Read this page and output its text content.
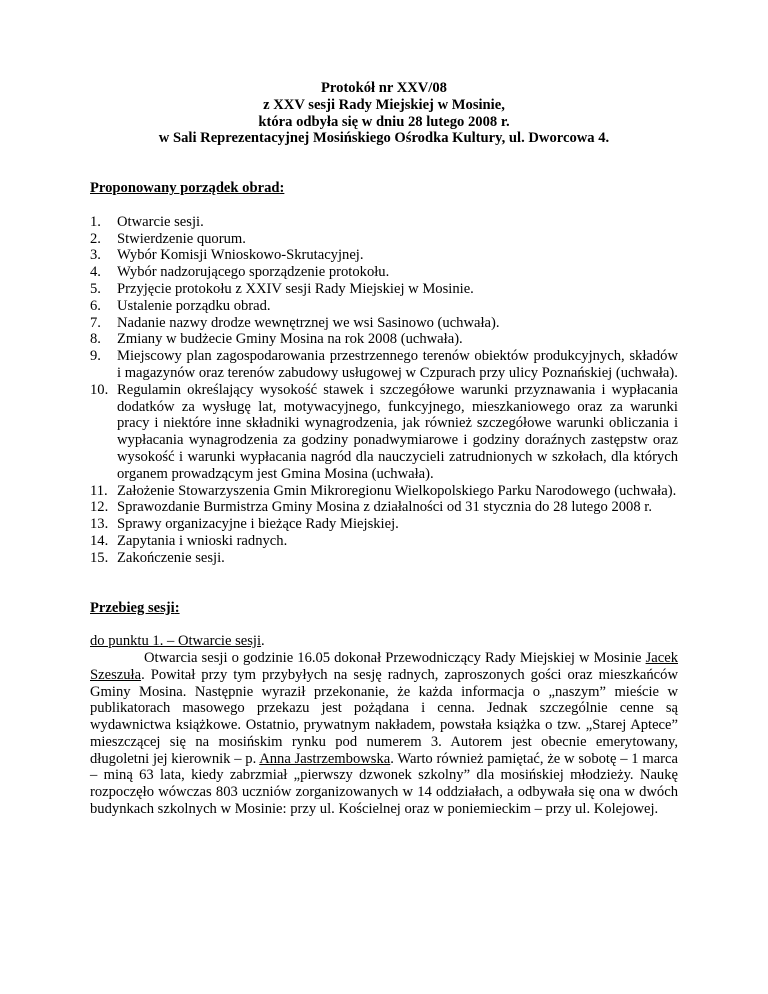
Protokół nr XXV/08
z XXV sesji Rady Miejskiej w Mosinie,
która odbyła się w dniu 28 lutego 2008 r.
w Sali Reprezentacyjnej Mosińskiego Ośrodka Kultury, ul. Dworcowa 4.
Proponowany porządek obrad:
1. Otwarcie sesji.
2. Stwierdzenie quorum.
3. Wybór Komisji Wnioskowo-Skrutacyjnej.
4. Wybór nadzorującego sporządzenie protokołu.
5. Przyjęcie protokołu z XXIV sesji Rady Miejskiej w Mosinie.
6. Ustalenie porządku obrad.
7. Nadanie nazwy drodze wewnętrznej we wsi Sasinowo (uchwała).
8. Zmiany w budżecie Gminy Mosina na rok 2008 (uchwała).
9. Miejscowy plan zagospodarowania przestrzennego terenów obiektów produkcyjnych, składów i magazynów oraz terenów zabudowy usługowej w Czpurach przy ulicy Poznańskiej (uchwała).
10. Regulamin określający wysokość stawek i szczegółowe warunki przyznawania i wypłacania dodatków za wysługę lat, motywacyjnego, funkcyjnego, mieszkaniowego oraz za warunki pracy i niektóre inne składniki wynagrodzenia, jak również szczegółowe warunki obliczania i wypłacania wynagrodzenia za godziny ponadwymiarowe i godziny doraźnych zastępstw oraz wysokość i warunki wypłacania nagród dla nauczycieli zatrudnionych w szkołach, dla których organem prowadzącym jest Gmina Mosina (uchwała).
11. Założenie Stowarzyszenia Gmin Mikroregionu Wielkopolskiego Parku Narodowego (uchwała).
12. Sprawozdanie Burmistrza Gminy Mosina z działalności od 31 stycznia do 28 lutego 2008 r.
13. Sprawy organizacyjne i bieżące Rady Miejskiej.
14. Zapytania i wnioski radnych.
15. Zakończenie sesji.
Przebieg sesji:
do punktu 1. – Otwarcie sesji.
Otwarcia sesji o godzinie 16.05 dokonał Przewodniczący Rady Miejskiej w Mosinie Jacek Szeszuła. Powitał przy tym przybyłych na sesję radnych, zaproszonych gości oraz mieszkańców Gminy Mosina. Następnie wyraził przekonanie, że każda informacja o „naszym” mieście w publikatorach masowego przekazu jest pożądana i cenna. Jednak szczególnie cenne są wydawnictwa książkowe. Ostatnio, prywatnym nakładem, powstała książka o tzw. „Starej Aptece” mieszczącej się na mosińskim rynku pod numerem 3. Autorem jest obecnie emerytowany, długoletni jej kierownik – p. Anna Jastrzembowska. Warto również pamiętać, że w sobotę – 1 marca – miną 63 lata, kiedy zabrzmiał „pierwszy dzwonek szkolny” dla mosińskiej młodzieży. Naukę rozpoczęło wówczas 803 uczniów zorganizowanych w 14 oddziałach, a odbywała się ona w dwóch budynkach szkolnych w Mosinie: przy ul. Kościelnej oraz w poniemieckim – przy ul. Kolejowej.
